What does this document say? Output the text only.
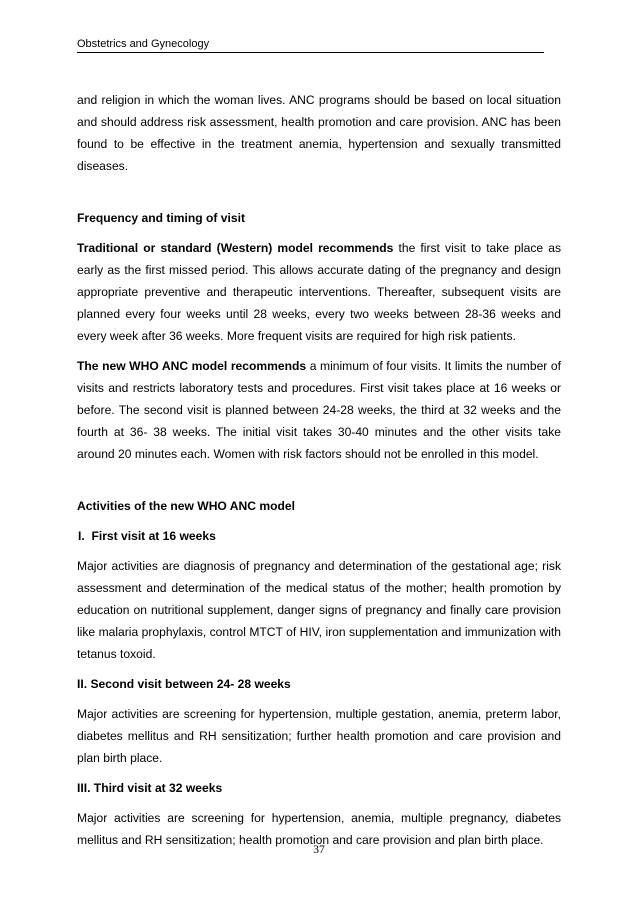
Obstetrics and Gynecology

and religion in which the woman lives. ANC programs should be based on local situation and should address risk assessment, health promotion and care provision. ANC has been found to be effective in the treatment anemia, hypertension and sexually transmitted diseases.

Frequency and timing of visit

Traditional or standard (Western) model recommends the first visit to take place as early as the first missed period. This allows accurate dating of the pregnancy and design appropriate preventive and therapeutic interventions. Thereafter, subsequent visits are planned every four weeks until 28 weeks, every two weeks between 28-36 weeks and every week after 36 weeks. More frequent visits are required for high risk patients.

The new WHO ANC model recommends a minimum of four visits. It limits the number of visits and restricts laboratory tests and procedures. First visit takes place at 16 weeks or before. The second visit is planned between 24-28 weeks, the third at 32 weeks and the fourth at 36- 38 weeks. The initial visit takes 30-40 minutes and the other visits take around 20 minutes each. Women with risk factors should not be enrolled in this model.

Activities of the new WHO ANC model

I.  First visit at 16 weeks

Major activities are diagnosis of pregnancy and determination of the gestational age; risk assessment and determination of the medical status of the mother; health promotion by education on nutritional supplement, danger signs of pregnancy and finally care provision like malaria prophylaxis, control MTCT of HIV, iron supplementation and immunization with tetanus toxoid.

II. Second visit between 24- 28 weeks

Major activities are screening for hypertension, multiple gestation, anemia, preterm labor, diabetes mellitus and RH sensitization; further health promotion and care provision and plan birth place.

III. Third visit at 32 weeks

Major activities are screening for hypertension, anemia, multiple pregnancy, diabetes mellitus and RH sensitization; health promotion and care provision and plan birth place.

37
